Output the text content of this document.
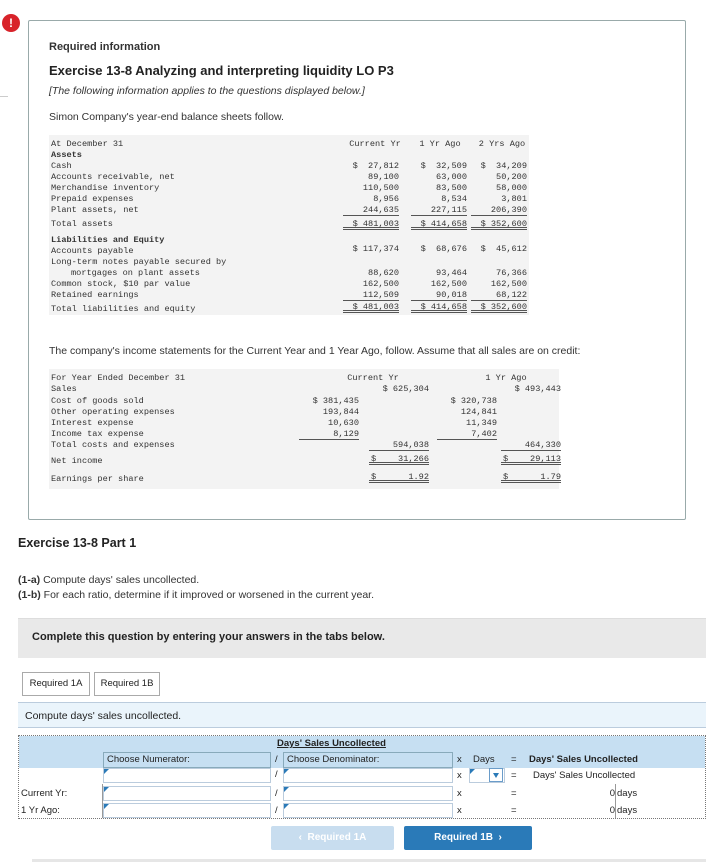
!
Required information
Exercise 13-8 Analyzing and interpreting liquidity LO P3
[The following information applies to the questions displayed below.]
Simon Company's year-end balance sheets follow.
At December 31	Current Yr	1 Yr Ago	2 Yrs Ago
Assets
Cash	$  27,812	$  32,509	$  34,209
Accounts receivable, net	89,100	63,000	50,200
Merchandise inventory	110,500	83,500	58,000
Prepaid expenses	8,956	8,534	3,801
Plant assets, net	244,635	227,115	206,390
Total assets	$ 481,003	$ 414,658	$ 352,600
Liabilities and Equity
Accounts payable	$ 117,374	$  68,676	$  45,612
Long-term notes payable secured by
mortgages on plant assets	88,620	93,464	76,366
Common stock, $10 par value	162,500	162,500	162,500
Retained earnings	112,509	90,018	68,122
Total liabilities and equity	$ 481,003	$ 414,658	$ 352,600
The company's income statements for the Current Year and 1 Year Ago, follow. Assume that all sales are on credit:
For Year Ended December 31	Current Yr	1 Yr Ago
Sales	$ 625,304	$ 493,443
Cost of goods sold	$ 381,435	$ 320,738
Other operating expenses	193,844	124,841
Interest expense	10,630	11,349
Income tax expense	8,129	7,402
Total costs and expenses	594,038	464,330
Net income	$	31,266	$	29,113
Earnings per share	$	1.92	$	1.79
Exercise 13-8 Part 1
(1-a) Compute days' sales uncollected.
(1-b) For each ratio, determine if it improved or worsened in the current year.
Complete this question by entering your answers in the tabs below.
Required 1A	Required 1B
Compute days' sales uncollected.
Days' Sales Uncollected
Choose Numerator:	/ Choose Denominator:	x Days = Days' Sales Uncollected
/	x	= Days' Sales Uncollected
Current Yr:	/	x	=	0 days
1 Yr Ago:	/	x	=	0 days
‹  Required 1A	Required 1B  ›
